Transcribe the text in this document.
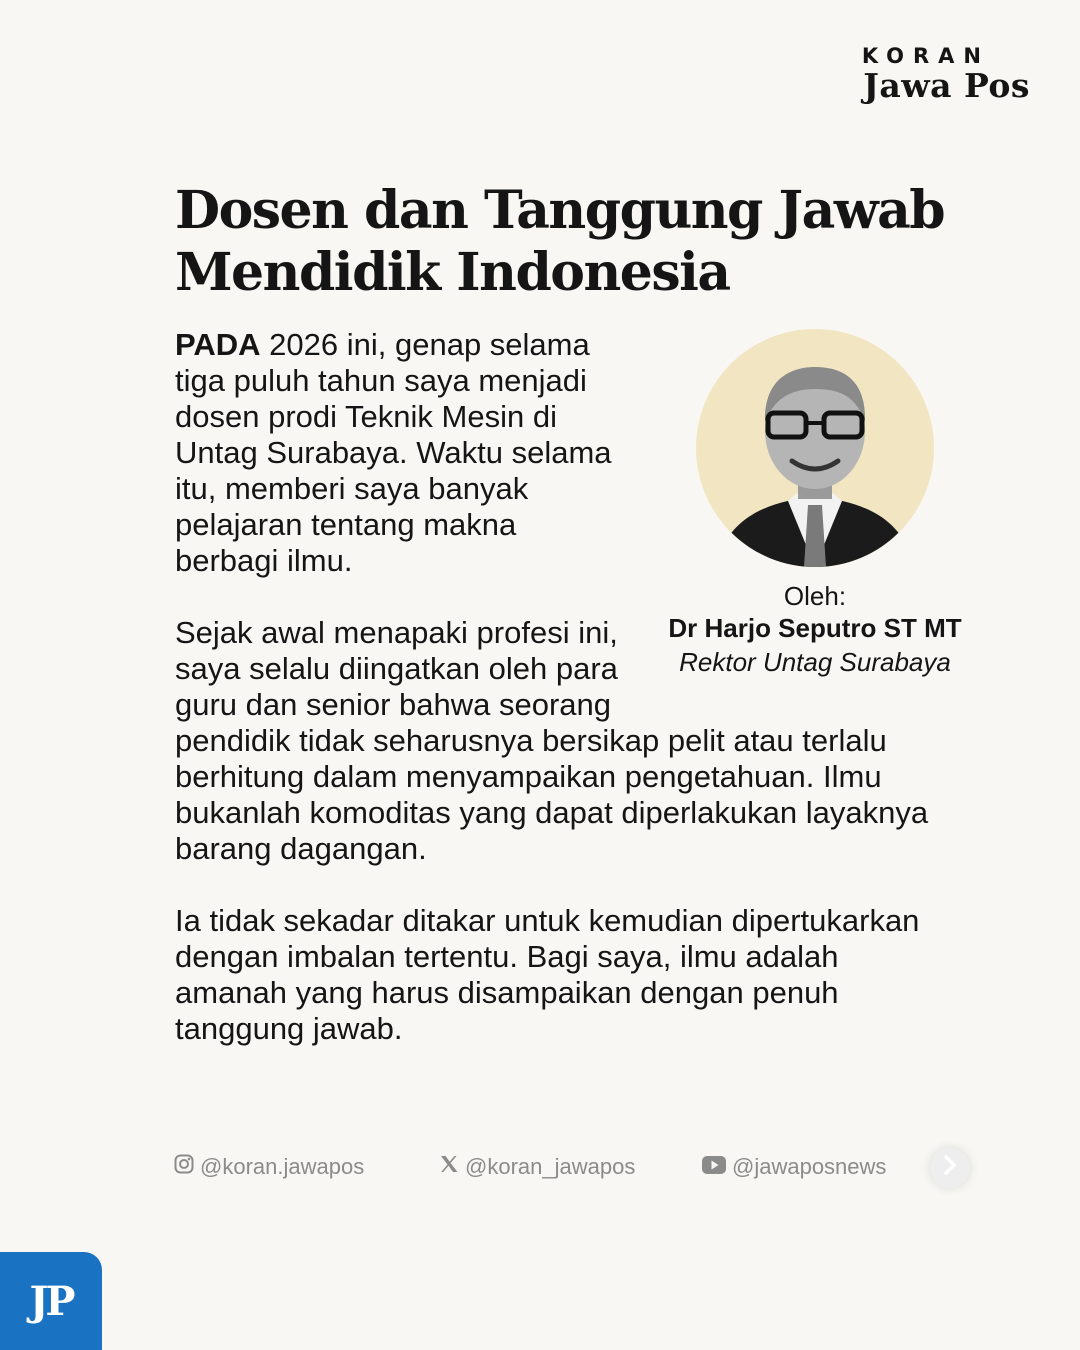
KORAN
Jawa Pos
Dosen dan Tanggung Jawab Mendidik Indonesia
Oleh:
Dr Harjo Seputro ST MT
Rektor Untag Surabaya

PADA 2026 ini, genap selama tiga puluh tahun saya menjadi dosen prodi Teknik Mesin di Untag Surabaya. Waktu selama itu, memberi saya banyak pelajaran tentang makna berbagi ilmu.

Sejak awal menapaki profesi ini, saya selalu diingatkan oleh para guru dan senior bahwa seorang pendidik tidak seharusnya bersikap pelit atau terlalu berhitung dalam menyampaikan pengetahuan. Ilmu bukanlah komoditas yang dapat diperlakukan layaknya barang dagangan.

Ia tidak sekadar ditakar untuk kemudian dipertukarkan dengan imbalan tertentu. Bagi saya, ilmu adalah amanah yang harus disampaikan dengan penuh tanggung jawab.

@koran.jawapos	@koran_jawapos	@jawaposnews
JP
